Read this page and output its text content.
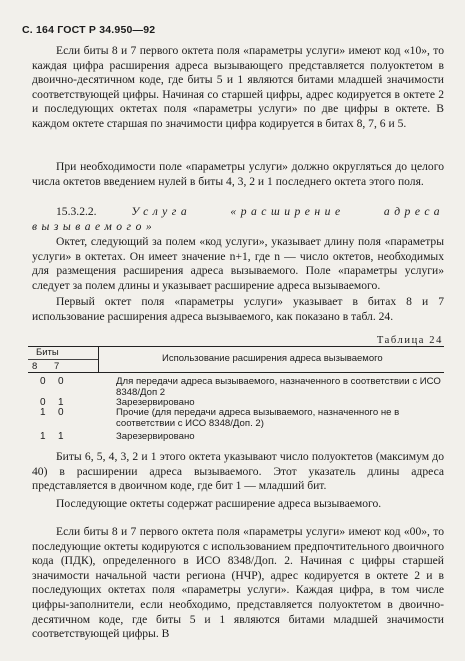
С. 164 ГОСТ Р 34.950—92

Если биты 8 и 7 первого октета поля «параметры услуги» имеют код «10», то каждая цифра расширения адреса вызывающего представляется полуоктетом в двоично-десятичном коде, где биты 5 и 1 являются битами младшей значимости соответствующей цифры. Начиная со старшей цифры, адрес кодируется в октете 2 и последующих октетах поля «параметры услуги» по две цифры в октете. В каждом октете старшая по значимости цифра кодируется в битах 8, 7, 6 и 5.

При необходимости поле «параметры услуги» должно округляться до целого числа октетов введением нулей в биты 4, 3, 2 и 1 последнего октета этого поля.

15.3.2.2.	Услуга «расширение адреса вызываемого»

Октет, следующий за полем «код услуги», указывает длину поля «параметры услуги» в октетах. Он имеет значение n+1, где n — число октетов, необходимых для размещения расширения адреса вызываемого. Поле «параметры услуги» следует за полем длины и указывает расширение адреса вызываемого.

Первый октет поля «параметры услуги» указывает в битах 8 и 7 использование расширения адреса вызываемого, как показано в табл. 24.

Таблица 24
Биты
8 7
Использование расширения адреса вызываемого
0 0	Для передачи адреса вызываемого, назначенного в соответствии с ИСО 8348/Доп 2
0 1	Зарезервировано
1 0	Прочие (для передачи адреса вызываемого, назначенного не в соответствии с ИСО 8348/Доп. 2)
1 1	Зарезервировано

Биты 6, 5, 4, 3, 2 и 1 этого октета указывают число полуоктетов (максимум до 40) в расширении адреса вызываемого. Этот указатель длины адреса представляется в двоичном коде, где бит 1 — младший бит.

Последующие октеты содержат расширение адреса вызываемого.

Если биты 8 и 7 первого октета поля «параметры услуги» имеют код «00», то последующие октеты кодируются с использованием предпочтительного двоичного кода (ПДК), определенного в ИСО 8348/Доп. 2. Начиная с цифры старшей значимости начальной части региона (НЧР), адрес кодируется в октете 2 и в последующих октетах поля «параметры услуги». Каждая цифра, в том числе цифры-заполнители, если необходимо, представляется полуоктетом в двоично-десятичном коде, где биты 5 и 1 являются битами младшей значимости соответствующей цифры. В
